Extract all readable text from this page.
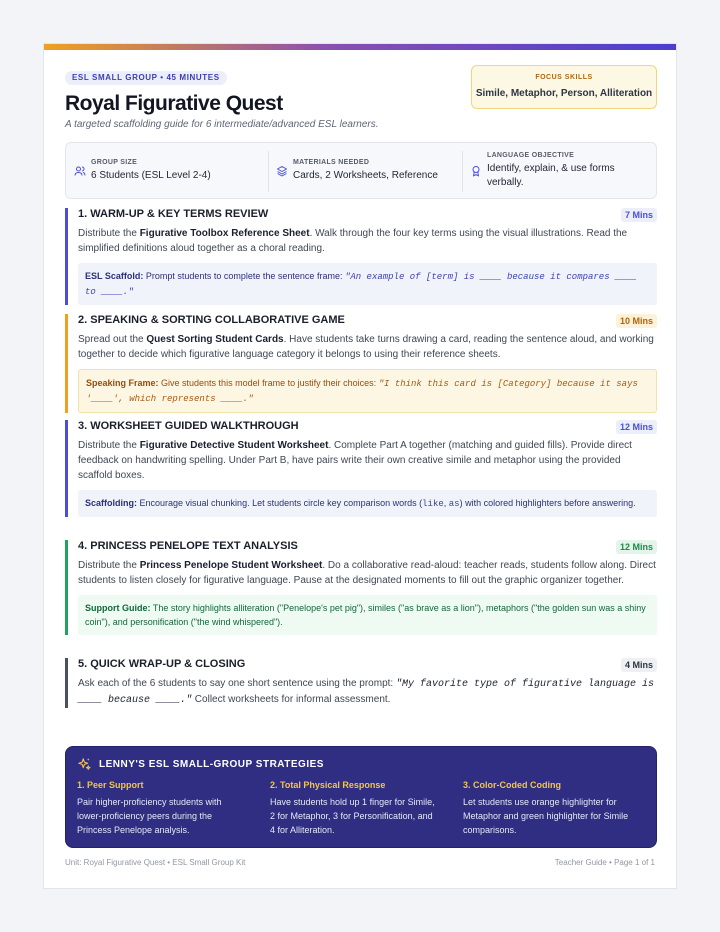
ESL SMALL GROUP • 45 MINUTES
Royal Figurative Quest
A targeted scaffolding guide for 6 intermediate/advanced ESL learners.
FOCUS SKILLS
Simile, Metaphor, Person, Alliteration
GROUP SIZE
6 Students (ESL Level 2-4)
MATERIALS NEEDED
Cards, 2 Worksheets, Reference
LANGUAGE OBJECTIVE
Identify, explain, & use forms verbally.
1. WARM-UP & KEY TERMS REVIEW	7 Mins
Distribute the Figurative Toolbox Reference Sheet. Walk through the four key terms using the visual illustrations. Read the simplified definitions aloud together as a choral reading.
ESL Scaffold: Prompt students to complete the sentence frame: "An example of [term] is ____ because it compares ____ to ____."
2. SPEAKING & SORTING COLLABORATIVE GAME	10 Mins
Spread out the Quest Sorting Student Cards. Have students take turns drawing a card, reading the sentence aloud, and working together to decide which figurative language category it belongs to using their reference sheets.
Speaking Frame: Give students this model frame to justify their choices: "I think this card is [Category] because it says '____', which represents ____."
3. WORKSHEET GUIDED WALKTHROUGH	12 Mins
Distribute the Figurative Detective Student Worksheet. Complete Part A together (matching and guided fills). Provide direct feedback on handwriting spelling. Under Part B, have pairs write their own creative simile and metaphor using the provided scaffold boxes.
Scaffolding: Encourage visual chunking. Let students circle key comparison words (like, as) with colored highlighters before answering.
4. PRINCESS PENELOPE TEXT ANALYSIS	12 Mins
Distribute the Princess Penelope Student Worksheet. Do a collaborative read-aloud: teacher reads, students follow along. Direct students to listen closely for figurative language. Pause at the designated moments to fill out the graphic organizer together.
Support Guide: The story highlights alliteration ("Penelope's pet pig"), similes ("as brave as a lion"), metaphors ("the golden sun was a shiny coin"), and personification ("the wind whispered").
5. QUICK WRAP-UP & CLOSING	4 Mins
Ask each of the 6 students to say one short sentence using the prompt: "My favorite type of figurative language is ____ because ____." Collect worksheets for informal assessment.
LENNY'S ESL SMALL-GROUP STRATEGIES
1. Peer Support
Pair higher-proficiency students with lower-proficiency peers during the Princess Penelope analysis.
2. Total Physical Response
Have students hold up 1 finger for Simile, 2 for Metaphor, 3 for Personification, and 4 for Alliteration.
3. Color-Coded Coding
Let students use orange highlighter for Metaphor and green highlighter for Simile comparisons.
Unit: Royal Figurative Quest • ESL Small Group Kit	Teacher Guide • Page 1 of 1
